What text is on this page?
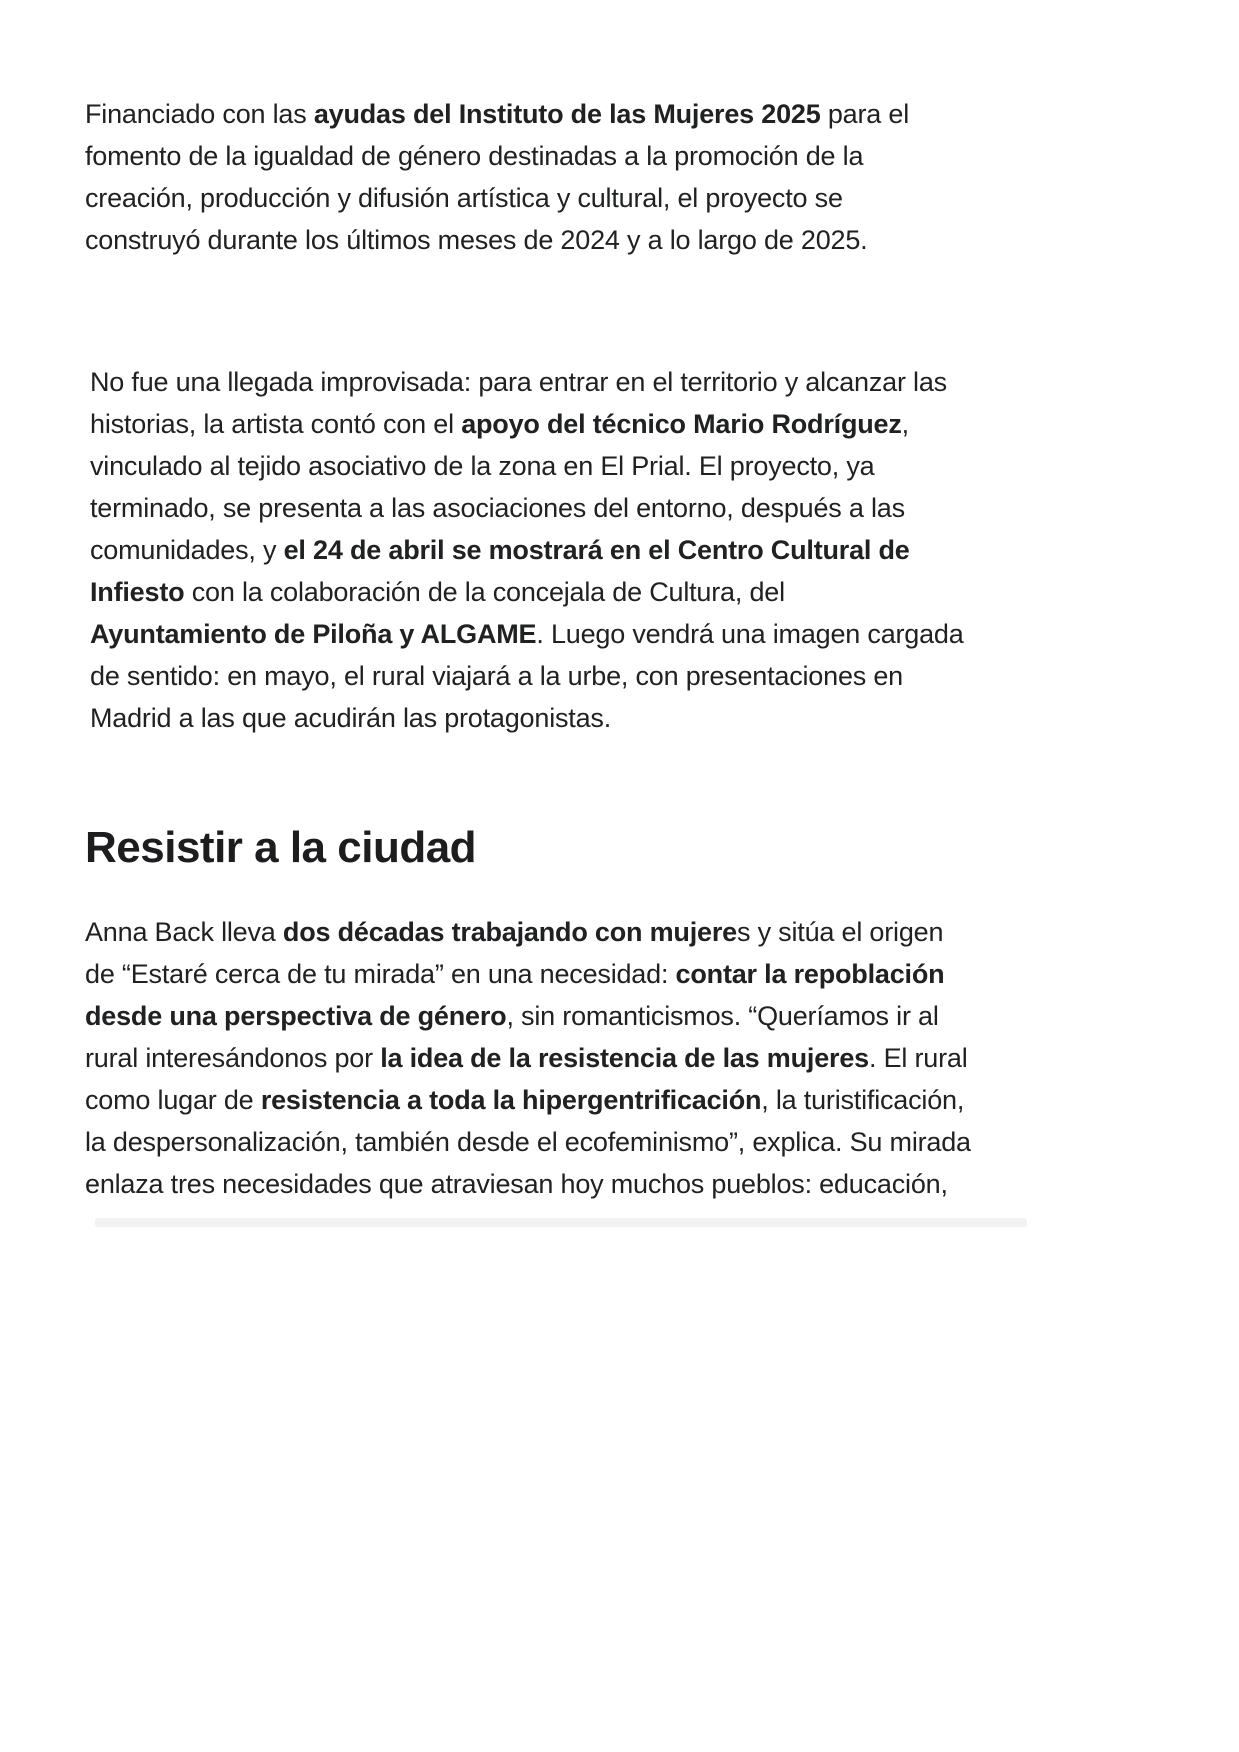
Financiado con las ayudas del Instituto de las Mujeres 2025 para el
fomento de la igualdad de género destinadas a la promoción de la
creación, producción y difusión artística y cultural, el proyecto se
construyó durante los últimos meses de 2024 y a lo largo de 2025.

No fue una llegada improvisada: para entrar en el territorio y alcanzar las
historias, la artista contó con el apoyo del técnico Mario Rodríguez,
vinculado al tejido asociativo de la zona en El Prial. El proyecto, ya
terminado, se presenta a las asociaciones del entorno, después a las
comunidades, y el 24 de abril se mostrará en el Centro Cultural de
Infiesto con la colaboración de la concejala de Cultura, del
Ayuntamiento de Piloña y ALGAME. Luego vendrá una imagen cargada
de sentido: en mayo, el rural viajará a la urbe, con presentaciones en
Madrid a las que acudirán las protagonistas.

Resistir a la ciudad

Anna Back lleva dos décadas trabajando con mujeres y sitúa el origen
de “Estaré cerca de tu mirada” en una necesidad: contar la repoblación
desde una perspectiva de género, sin romanticismos. “Queríamos ir al
rural interesándonos por la idea de la resistencia de las mujeres. El rural
como lugar de resistencia a toda la hipergentrificación, la turistificación,
la despersonalización, también desde el ecofeminismo”, explica. Su mirada
enlaza tres necesidades que atraviesan hoy muchos pueblos: educación,
